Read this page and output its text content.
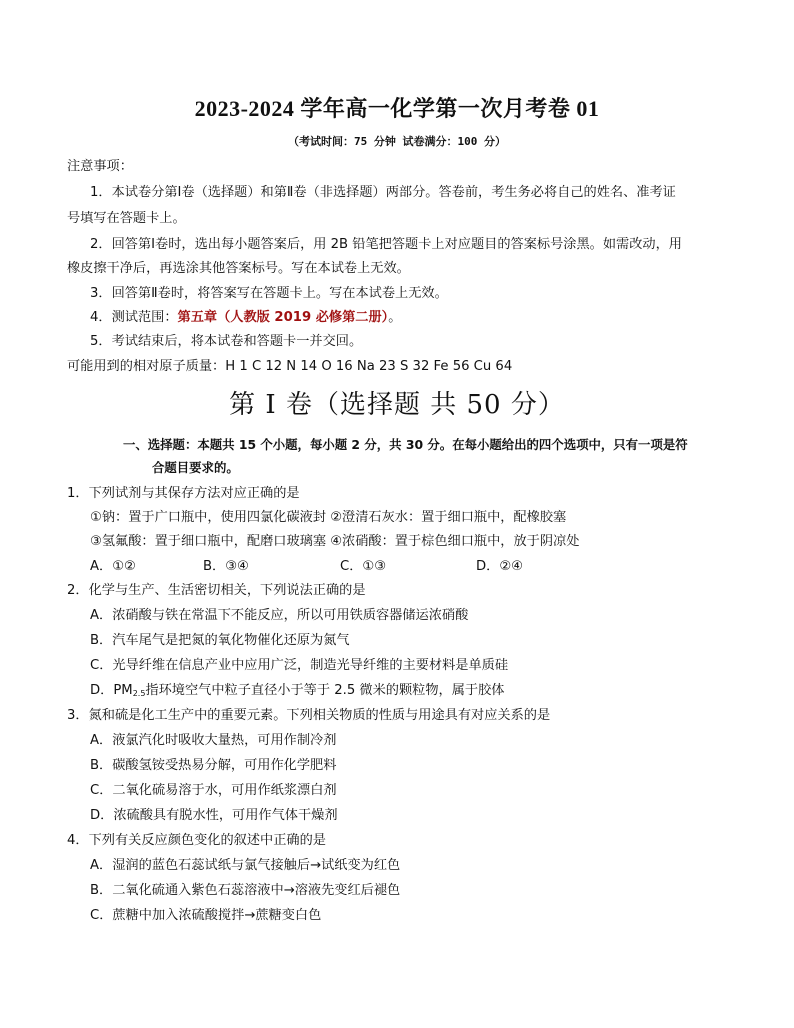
2023-2024 学年高一化学第一次月考卷 01
（考试时间：75 分钟 试卷满分：100 分）
注意事项：
1．本试卷分第Ⅰ卷（选择题）和第Ⅱ卷（非选择题）两部分。答卷前，考生务必将自己的姓名、准考证
号填写在答题卡上。
2．回答第Ⅰ卷时，选出每小题答案后，用 2B 铅笔把答题卡上对应题目的答案标号涂黑。如需改动，用
橡皮擦干净后，再选涂其他答案标号。写在本试卷上无效。
3．回答第Ⅱ卷时，将答案写在答题卡上。写在本试卷上无效。
4．测试范围：第五章（人教版 2019 必修第二册）。
5．考试结束后，将本试卷和答题卡一并交回。
可能用到的相对原子质量：H 1 C 12 N 14 O 16 Na 23 S 32 Fe 56 Cu 64
第 I 卷（选择题 共 50 分）
一、选择题：本题共 15 个小题，每小题 2 分，共 30 分。在每小题给出的四个选项中，只有一项是符
合题目要求的。
1．下列试剂与其保存方法对应正确的是
①钠：置于广口瓶中，使用四氯化碳液封 ②澄清石灰水：置于细口瓶中，配橡胶塞
③氢氟酸：置于细口瓶中，配磨口玻璃塞 ④浓硝酸：置于棕色细口瓶中，放于阴凉处
A．①②	B．③④	C．①③	D．②④
2．化学与生产、生活密切相关，下列说法正确的是
A．浓硝酸与铁在常温下不能反应，所以可用铁质容器储运浓硝酸
B．汽车尾气是把氮的氧化物催化还原为氮气
C．光导纤维在信息产业中应用广泛，制造光导纤维的主要材料是单质硅
D．$PM_{2.5}$指环境空气中粒子直径小于等于 2.5 微米的颗粒物，属于胶体
3．氮和硫是化工生产中的重要元素。下列相关物质的性质与用途具有对应关系的是
A．液氯汽化时吸收大量热，可用作制冷剂
B．碳酸氢铵受热易分解，可用作化学肥料
C．二氧化硫易溶于水，可用作纸浆漂白剂
D．浓硫酸具有脱水性，可用作气体干燥剂
4．下列有关反应颜色变化的叙述中正确的是
A．湿润的蓝色石蕊试纸与氯气接触后→试纸变为红色
B．二氧化硫通入紫色石蕊溶液中→溶液先变红后褪色
C．蔗糖中加入浓硫酸搅拌→蔗糖变白色
